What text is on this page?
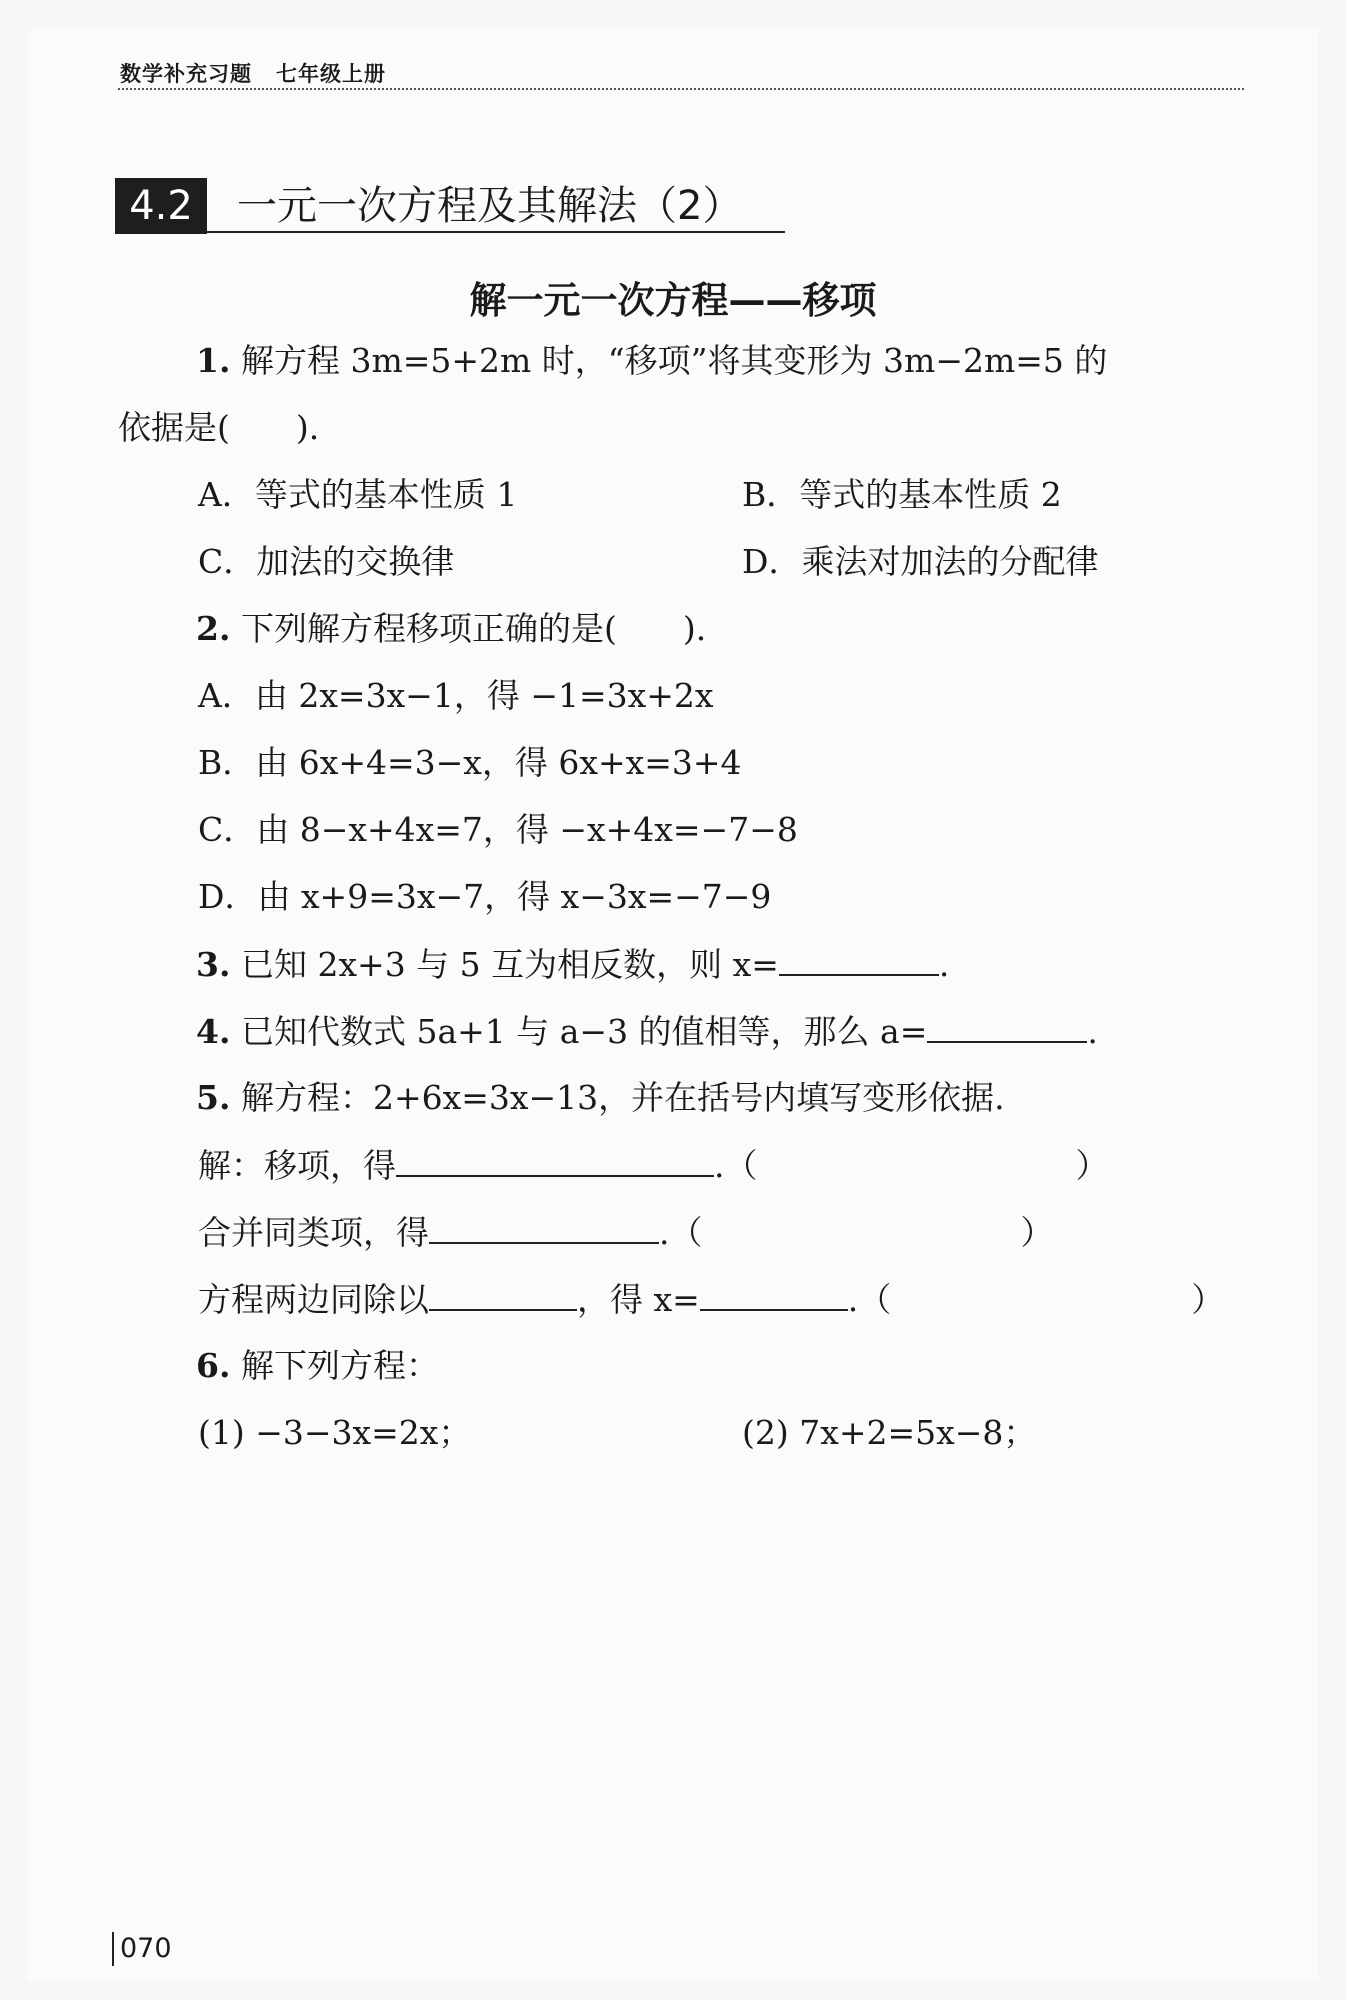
数学补充习题 七年级上册
4.2	一元一次方程及其解法（2）
解一元一次方程——移项
1. 解方程 3m=5+2m 时，“移项”将其变形为 3m−2m=5 的
依据是(　　).
A．等式的基本性质 1	B．等式的基本性质 2
C．加法的交换律	D．乘法对加法的分配律
2. 下列解方程移项正确的是(　　).
A．由 2x=3x−1，得 −1=3x+2x
B．由 6x+4=3−x，得 6x+x=3+4
C．由 8−x+4x=7，得 −x+4x=−7−8
D．由 x+9=3x−7，得 x−3x=−7−9
3. 已知 2x+3 与 5 互为相反数，则 x=	.
4. 已知代数式 5a+1 与 a−3 的值相等，那么 a=	.
5. 解方程：2+6x=3x−13，并在括号内填写变形依据.
解：移项，得	.（	）
合并同类项，得	.（	）
方程两边同除以	，得 x=	.（	）
6. 解下列方程：
(1) −3−3x=2x；	(2) 7x+2=5x−8；
070
